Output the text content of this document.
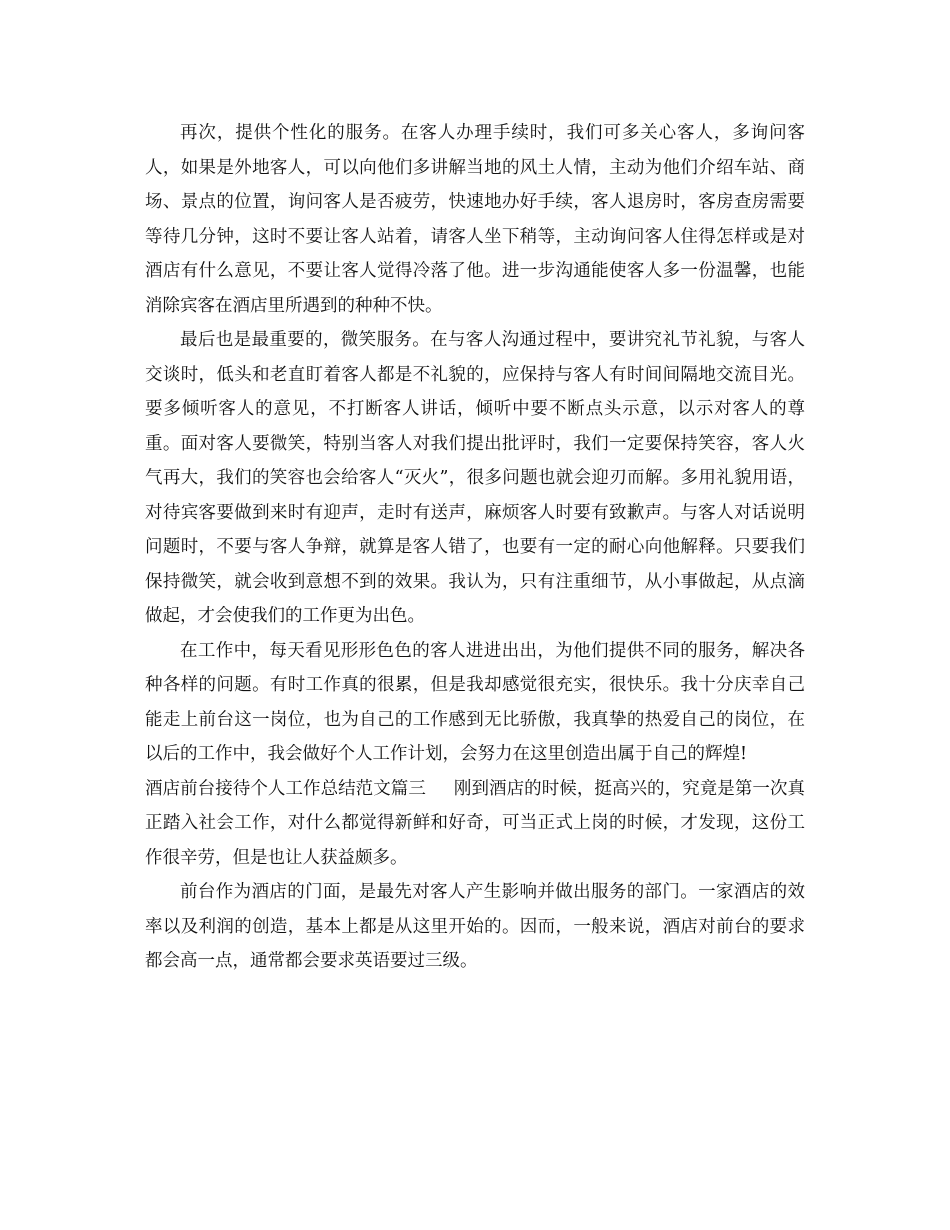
再次，提供个性化的服务。在客人办理手续时，我们可多关心客人，多询问客人，如果是外地客人，可以向他们多讲解当地的风土人情，主动为他们介绍车站、商场、景点的位置，询问客人是否疲劳，快速地办好手续，客人退房时，客房查房需要等待几分钟，这时不要让客人站着，请客人坐下稍等，主动询问客人住得怎样或是对酒店有什么意见，不要让客人觉得冷落了他。进一步沟通能使客人多一份温馨，也能消除宾客在酒店里所遇到的种种不快。

最后也是最重要的，微笑服务。在与客人沟通过程中，要讲究礼节礼貌，与客人交谈时，低头和老直盯着客人都是不礼貌的，应保持与客人有时间间隔地交流目光。要多倾听客人的意见，不打断客人讲话，倾听中要不断点头示意，以示对客人的尊重。面对客人要微笑，特别当客人对我们提出批评时，我们一定要保持笑容，客人火气再大，我们的笑容也会给客人“灭火”，很多问题也就会迎刃而解。多用礼貌用语，对待宾客要做到来时有迎声，走时有送声，麻烦客人时要有致歉声。与客人对话说明问题时，不要与客人争辩，就算是客人错了，也要有一定的耐心向他解释。只要我们保持微笑，就会收到意想不到的效果。我认为，只有注重细节，从小事做起，从点滴做起，才会使我们的工作更为出色。

在工作中，每天看见形形色色的客人进进出出，为他们提供不同的服务，解决各种各样的问题。有时工作真的很累，但是我却感觉很充实，很快乐。我十分庆幸自己能走上前台这一岗位，也为自己的工作感到无比骄傲，我真挚的热爱自己的岗位，在以后的工作中，我会做好个人工作计划，会努力在这里创造出属于自己的辉煌!

酒店前台接待个人工作总结范文篇三 刚到酒店的时候，挺高兴的，究竟是第一次真正踏入社会工作，对什么都觉得新鲜和好奇，可当正式上岗的时候，才发现，这份工作很辛劳，但是也让人获益颇多。

前台作为酒店的门面，是最先对客人产生影响并做出服务的部门。一家酒店的效率以及利润的创造，基本上都是从这里开始的。因而，一般来说，酒店对前台的要求都会高一点，通常都会要求英语要过三级。
